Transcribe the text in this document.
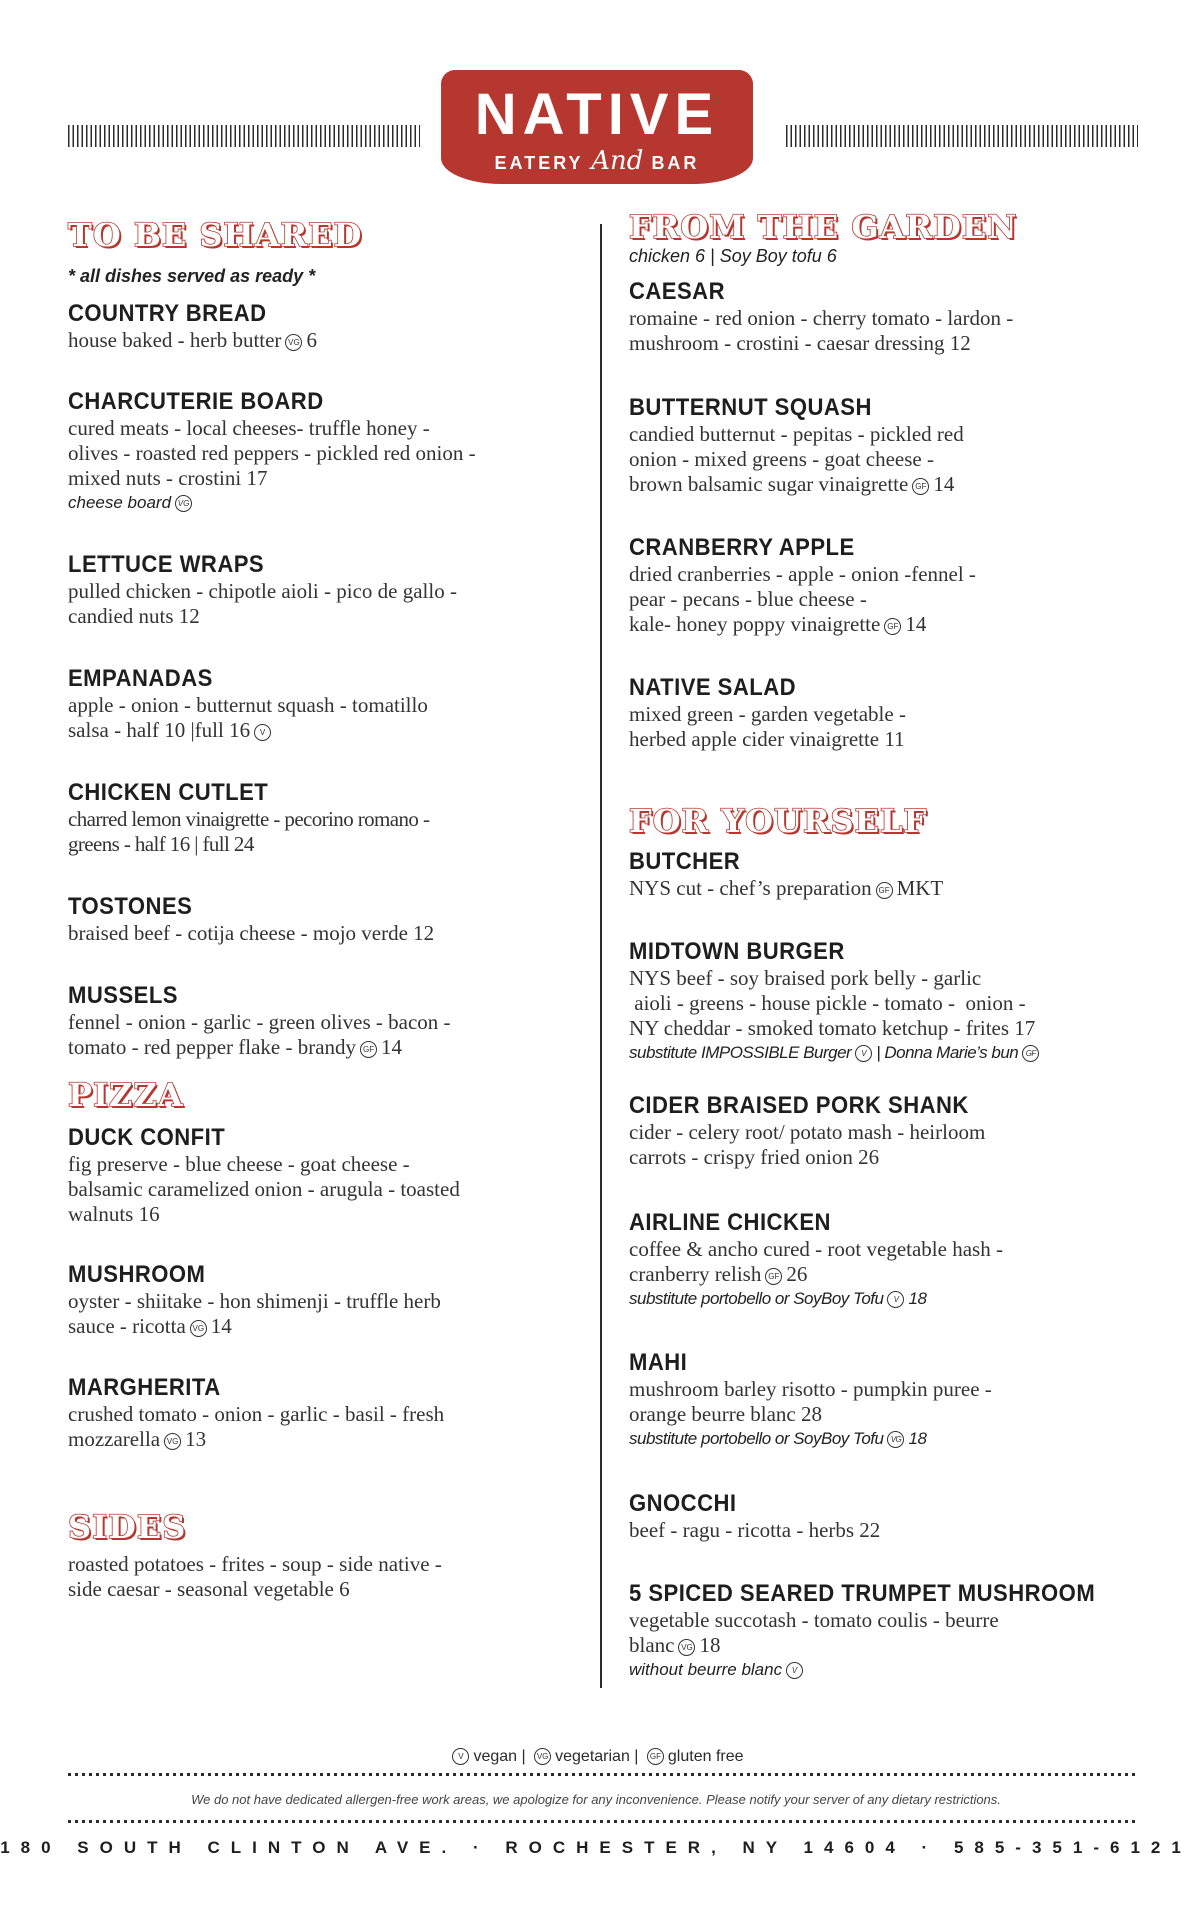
NATIVE
EATERY And BAR
TO BE SHARED
* all dishes served as ready *
COUNTRY BREAD
house baked - herb butter VG 6
CHARCUTERIE BOARD
cured meats - local cheeses- truffle honey -
olives - roasted red peppers - pickled red onion -
mixed nuts - crostini 17
cheese board VG
LETTUCE WRAPS
pulled chicken - chipotle aioli - pico de gallo -
candied nuts 12
EMPANADAS
apple - onion - butternut squash - tomatillo
salsa - half 10 |full 16 V
CHICKEN CUTLET
charred lemon vinaigrette - pecorino romano -
greens - half 16 | full 24
TOSTONES
braised beef - cotija cheese - mojo verde 12
MUSSELS
fennel - onion - garlic - green olives - bacon -
tomato - red pepper flake - brandy GF 14
PIZZA
DUCK CONFIT
fig preserve - blue cheese - goat cheese -
balsamic caramelized onion - arugula - toasted
walnuts 16
MUSHROOM
oyster - shiitake - hon shimenji - truffle herb
sauce - ricotta VG 14
MARGHERITA
crushed tomato - onion - garlic - basil - fresh
mozzarella VG 13
SIDES
roasted potatoes - frites - soup - side native -
side caesar - seasonal vegetable 6
FROM THE GARDEN
chicken 6 | Soy Boy tofu 6
CAESAR
romaine - red onion - cherry tomato - lardon -
mushroom - crostini - caesar dressing 12
BUTTERNUT SQUASH
candied butternut - pepitas - pickled red
onion - mixed greens - goat cheese -
brown balsamic sugar vinaigrette GF 14
CRANBERRY APPLE
dried cranberries - apple - onion -fennel -
pear - pecans - blue cheese -
kale- honey poppy vinaigrette GF 14
NATIVE SALAD
mixed green - garden vegetable -
herbed apple cider vinaigrette 11
FOR YOURSELF
BUTCHER
NYS cut - chef’s preparation GF MKT
MIDTOWN BURGER
NYS beef - soy braised pork belly - garlic
aioli - greens - house pickle - tomato -  onion -
NY cheddar - smoked tomato ketchup - frites 17
substitute IMPOSSIBLE Burger V | Donna Marie’s bun GF
CIDER BRAISED PORK SHANK
cider - celery root/ potato mash - heirloom
carrots - crispy fried onion 26
AIRLINE CHICKEN
coffee & ancho cured - root vegetable hash -
cranberry relish GF 26
substitute portobello or SoyBoy Tofu V 18
MAHI
mushroom barley risotto - pumpkin puree -
orange beurre blanc 28
substitute portobello or SoyBoy Tofu VG 18
GNOCCHI
beef - ragu - ricotta - herbs 22
5 SPICED SEARED TRUMPET MUSHROOM
vegetable succotash - tomato coulis - beurre
blanc VG 18
without beurre blanc V
V vegan | VG vegetarian | GF gluten free
We do not have dedicated allergen-free work areas, we apologize for any inconvenience. Please notify your server of any dietary restrictions.
180 SOUTH CLINTON AVE. · ROCHESTER, NY 14604 · 585-351-6121
